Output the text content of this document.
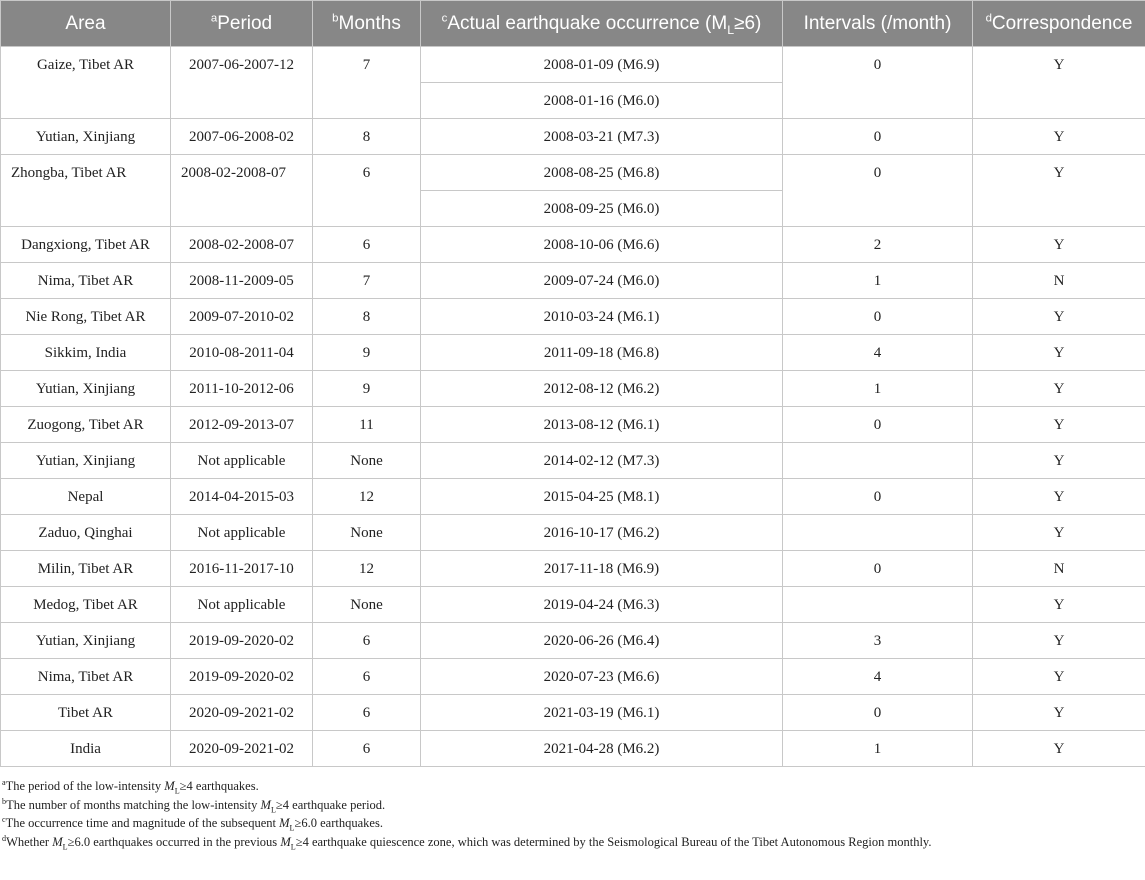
Area	$^a$Period	$^b$Months	$^c$Actual earthquake occurrence $(M_L\ge 6)$	Intervals (/month)	$^d$Correspondence
Gaize, Tibet AR	2007-06-2007-12	7	2008-01-09 (M6.9)	0	Y
			2008-01-16 (M6.0)		
Yutian, Xinjiang	2007-06-2008-02	8	2008-03-21 (M7.3)	0	Y
Zhongba, Tibet AR	2008-02-2008-07	6	2008-08-25 (M6.8)	0	Y
			2008-09-25 (M6.0)		
Dangxiong, Tibet AR	2008-02-2008-07	6	2008-10-06 (M6.6)	2	Y
Nima, Tibet AR	2008-11-2009-05	7	2009-07-24 (M6.0)	1	N
Nie Rong, Tibet AR	2009-07-2010-02	8	2010-03-24 (M6.1)	0	Y
Sikkim, India	2010-08-2011-04	9	2011-09-18 (M6.8)	4	Y
Yutian, Xinjiang	2011-10-2012-06	9	2012-08-12 (M6.2)	1	Y
Zuogong, Tibet AR	2012-09-2013-07	11	2013-08-12 (M6.1)	0	Y
Yutian, Xinjiang	Not applicable	None	2014-02-12 (M7.3)		Y
Nepal	2014-04-2015-03	12	2015-04-25 (M8.1)	0	Y
Zaduo, Qinghai	Not applicable	None	2016-10-17 (M6.2)		Y
Milin, Tibet AR	2016-11-2017-10	12	2017-11-18 (M6.9)	0	N
Medog, Tibet AR	Not applicable	None	2019-04-24 (M6.3)		Y
Yutian, Xinjiang	2019-09-2020-02	6	2020-06-26 (M6.4)	3	Y
Nima, Tibet AR	2019-09-2020-02	6	2020-07-23 (M6.6)	4	Y
Tibet AR	2020-09-2021-02	6	2021-03-19 (M6.1)	0	Y
India	2020-09-2021-02	6	2021-04-28 (M6.2)	1	Y
$^a$The period of the low-intensity $M_L\ge 4$ earthquakes.
$^b$The number of months matching the low-intensity $M_L\ge 4$ earthquake period.
$^c$The occurrence time and magnitude of the subsequent $M_L\ge 6.0$ earthquakes.
$^d$Whether $M_L\ge 6.0$ earthquakes occurred in the previous $M_L\ge 4$ earthquake quiescence zone, which was determined by the Seismological Bureau of the Tibet Autonomous Region monthly.
